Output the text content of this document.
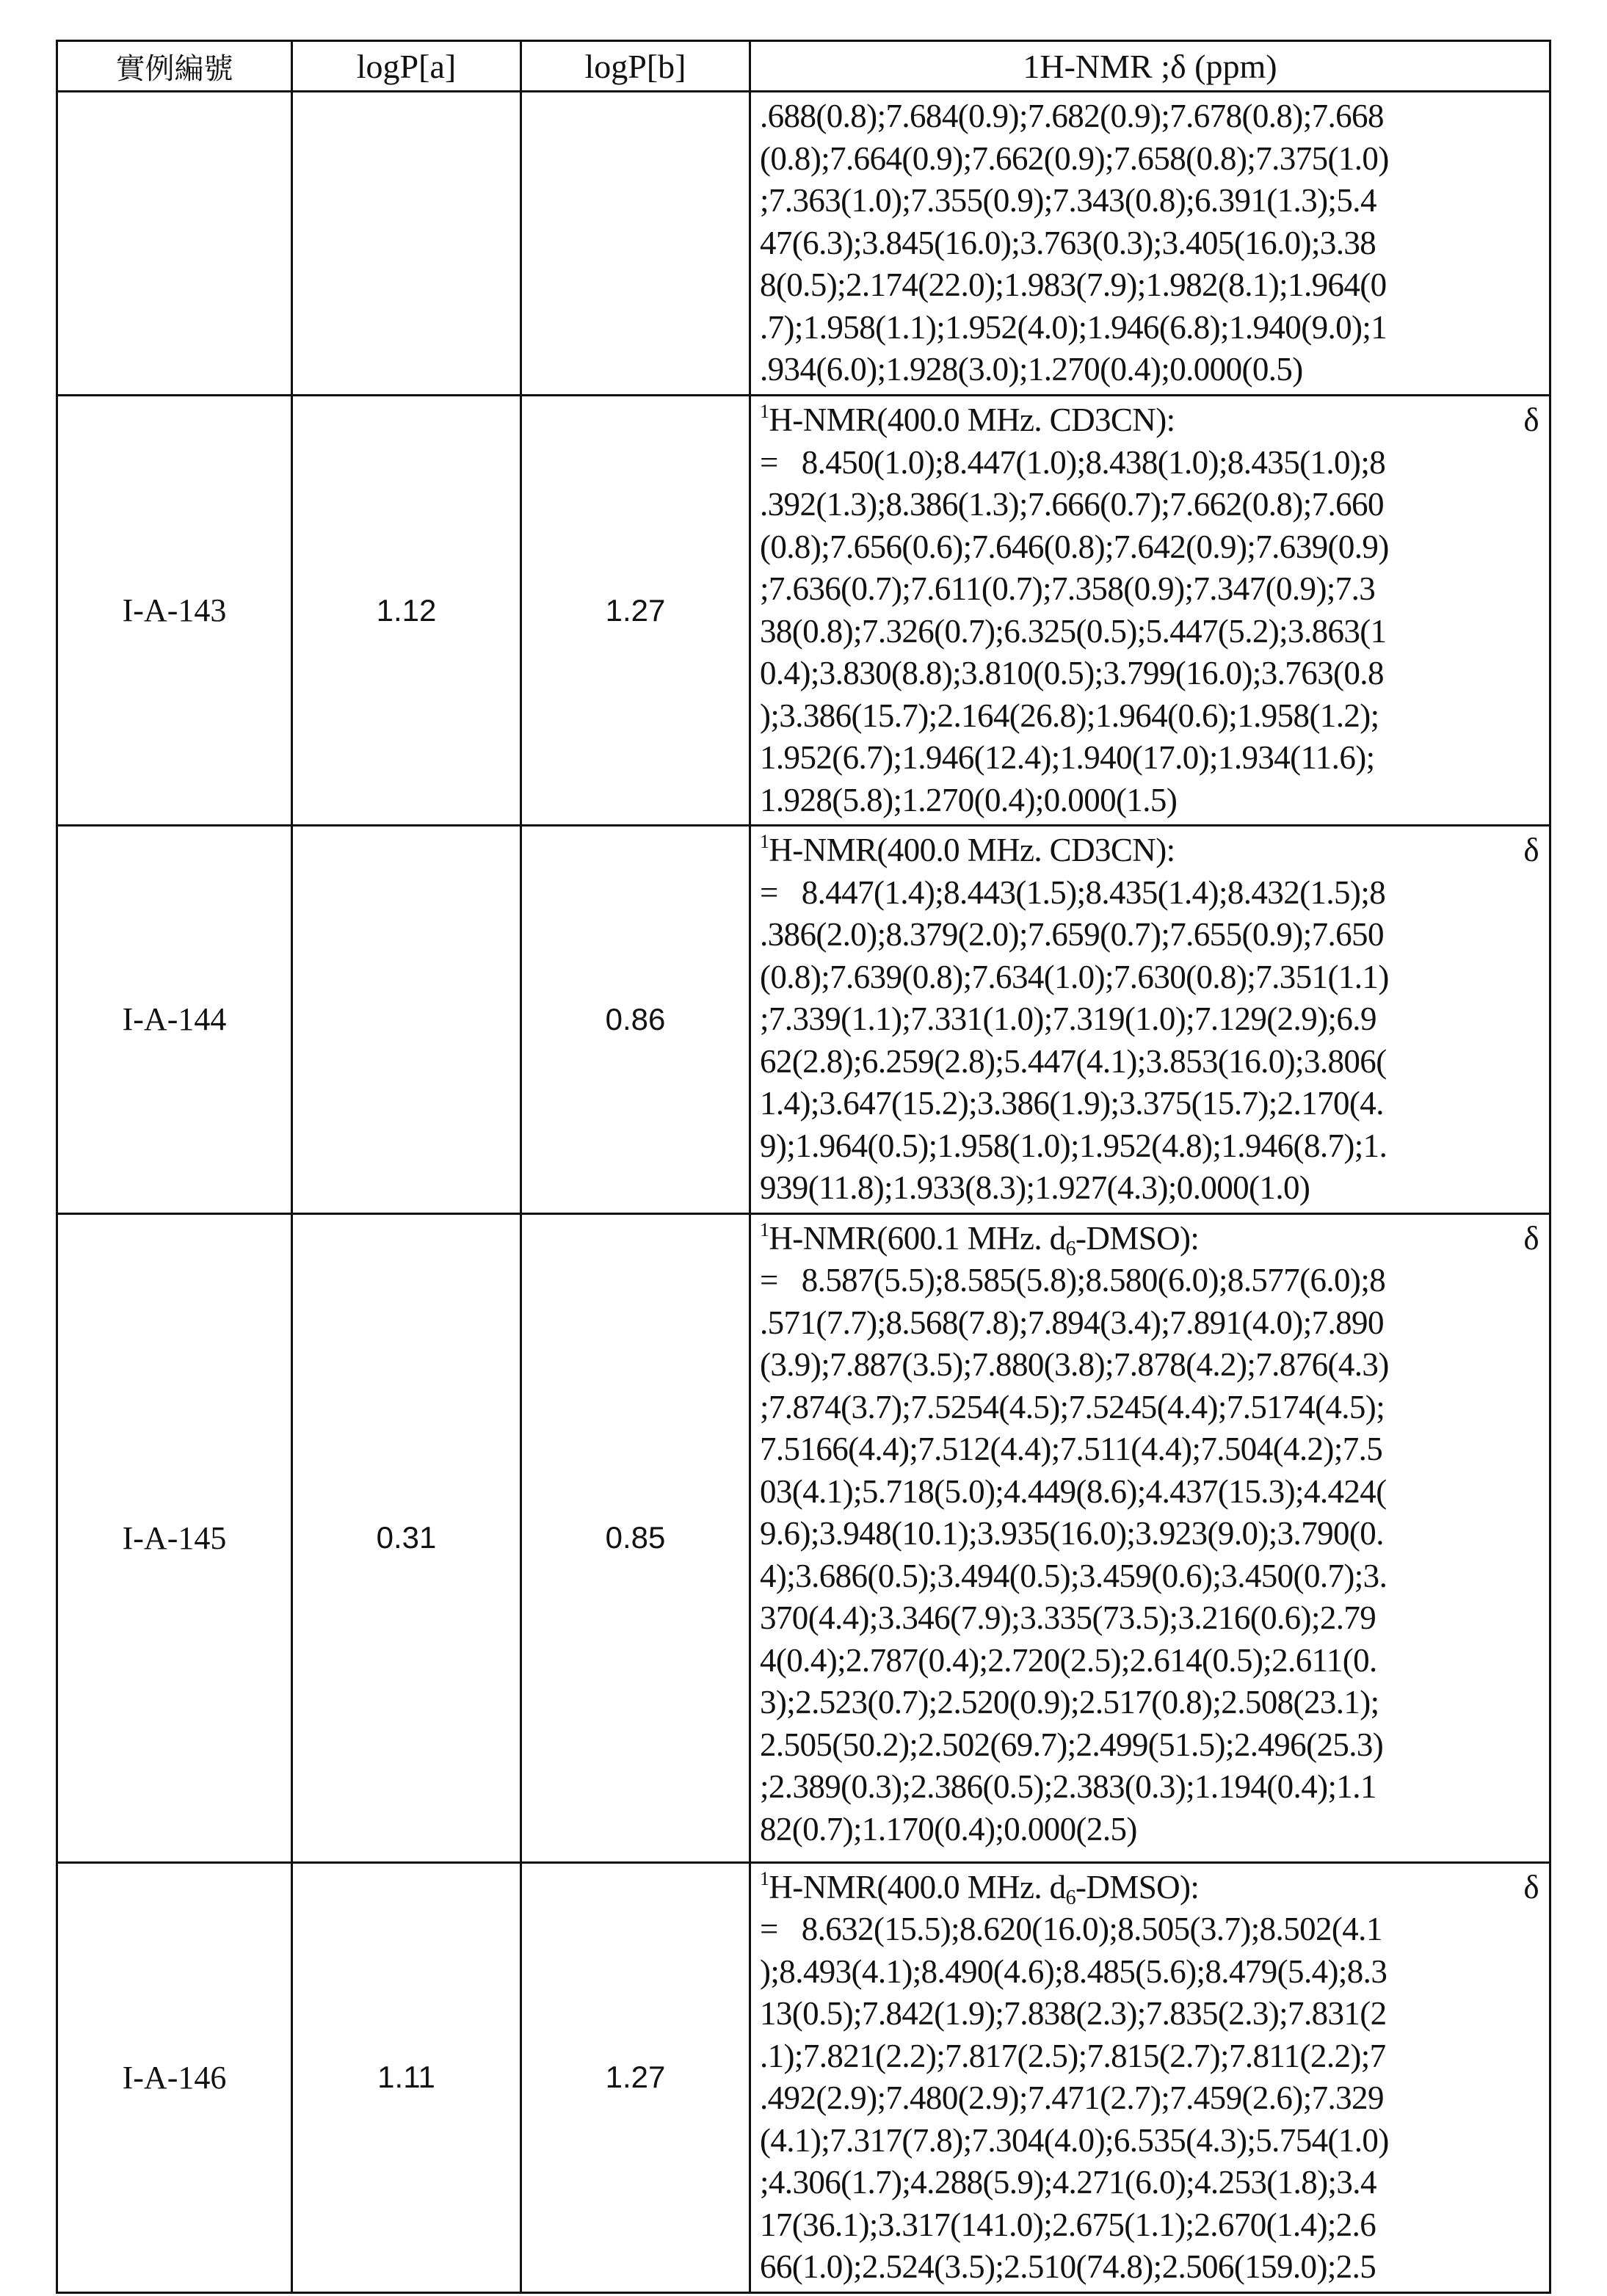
實例編號	logP[a]	logP[b]	1H-NMR ;δ (ppm)

.688(0.8);7.684(0.9);7.682(0.9);7.678(0.8);7.668
(0.8);7.664(0.9);7.662(0.9);7.658(0.8);7.375(1.0)
;7.363(1.0);7.355(0.9);7.343(0.8);6.391(1.3);5.4
47(6.3);3.845(16.0);3.763(0.3);3.405(16.0);3.38
8(0.5);2.174(22.0);1.983(7.9);1.982(8.1);1.964(0
.7);1.958(1.1);1.952(4.0);1.946(6.8);1.940(9.0);1
.934(6.0);1.928(3.0);1.270(0.4);0.000(0.5)

I-A-143	1.12	1.27	
1H-NMR(400.0 MHz. CD3CN):	δ
=   8.450(1.0);8.447(1.0);8.438(1.0);8.435(1.0);8
.392(1.3);8.386(1.3);7.666(0.7);7.662(0.8);7.660
(0.8);7.656(0.6);7.646(0.8);7.642(0.9);7.639(0.9)
;7.636(0.7);7.611(0.7);7.358(0.9);7.347(0.9);7.3
38(0.8);7.326(0.7);6.325(0.5);5.447(5.2);3.863(1
0.4);3.830(8.8);3.810(0.5);3.799(16.0);3.763(0.8
);3.386(15.7);2.164(26.8);1.964(0.6);1.958(1.2);
1.952(6.7);1.946(12.4);1.940(17.0);1.934(11.6);
1.928(5.8);1.270(0.4);0.000(1.5)

I-A-144		0.86	
1H-NMR(400.0 MHz. CD3CN):	δ
=   8.447(1.4);8.443(1.5);8.435(1.4);8.432(1.5);8
.386(2.0);8.379(2.0);7.659(0.7);7.655(0.9);7.650
(0.8);7.639(0.8);7.634(1.0);7.630(0.8);7.351(1.1)
;7.339(1.1);7.331(1.0);7.319(1.0);7.129(2.9);6.9
62(2.8);6.259(2.8);5.447(4.1);3.853(16.0);3.806(
1.4);3.647(15.2);3.386(1.9);3.375(15.7);2.170(4.
9);1.964(0.5);1.958(1.0);1.952(4.8);1.946(8.7);1.
939(11.8);1.933(8.3);1.927(4.3);0.000(1.0)

I-A-145	0.31	0.85	
1H-NMR(600.1 MHz. d6-DMSO):	δ
=   8.587(5.5);8.585(5.8);8.580(6.0);8.577(6.0);8
.571(7.7);8.568(7.8);7.894(3.4);7.891(4.0);7.890
(3.9);7.887(3.5);7.880(3.8);7.878(4.2);7.876(4.3)
;7.874(3.7);7.5254(4.5);7.5245(4.4);7.5174(4.5);
7.5166(4.4);7.512(4.4);7.511(4.4);7.504(4.2);7.5
03(4.1);5.718(5.0);4.449(8.6);4.437(15.3);4.424(
9.6);3.948(10.1);3.935(16.0);3.923(9.0);3.790(0.
4);3.686(0.5);3.494(0.5);3.459(0.6);3.450(0.7);3.
370(4.4);3.346(7.9);3.335(73.5);3.216(0.6);2.79
4(0.4);2.787(0.4);2.720(2.5);2.614(0.5);2.611(0.
3);2.523(0.7);2.520(0.9);2.517(0.8);2.508(23.1);
2.505(50.2);2.502(69.7);2.499(51.5);2.496(25.3)
;2.389(0.3);2.386(0.5);2.383(0.3);1.194(0.4);1.1
82(0.7);1.170(0.4);0.000(2.5)

I-A-146	1.11	1.27	
1H-NMR(400.0 MHz. d6-DMSO):	δ
=   8.632(15.5);8.620(16.0);8.505(3.7);8.502(4.1
);8.493(4.1);8.490(4.6);8.485(5.6);8.479(5.4);8.3
13(0.5);7.842(1.9);7.838(2.3);7.835(2.3);7.831(2
.1);7.821(2.2);7.817(2.5);7.815(2.7);7.811(2.2);7
.492(2.9);7.480(2.9);7.471(2.7);7.459(2.6);7.329
(4.1);7.317(7.8);7.304(4.0);6.535(4.3);5.754(1.0)
;4.306(1.7);4.288(5.9);4.271(6.0);4.253(1.8);3.4
17(36.1);3.317(141.0);2.675(1.1);2.670(1.4);2.6
66(1.0);2.524(3.5);2.510(74.8);2.506(159.0);2.5
